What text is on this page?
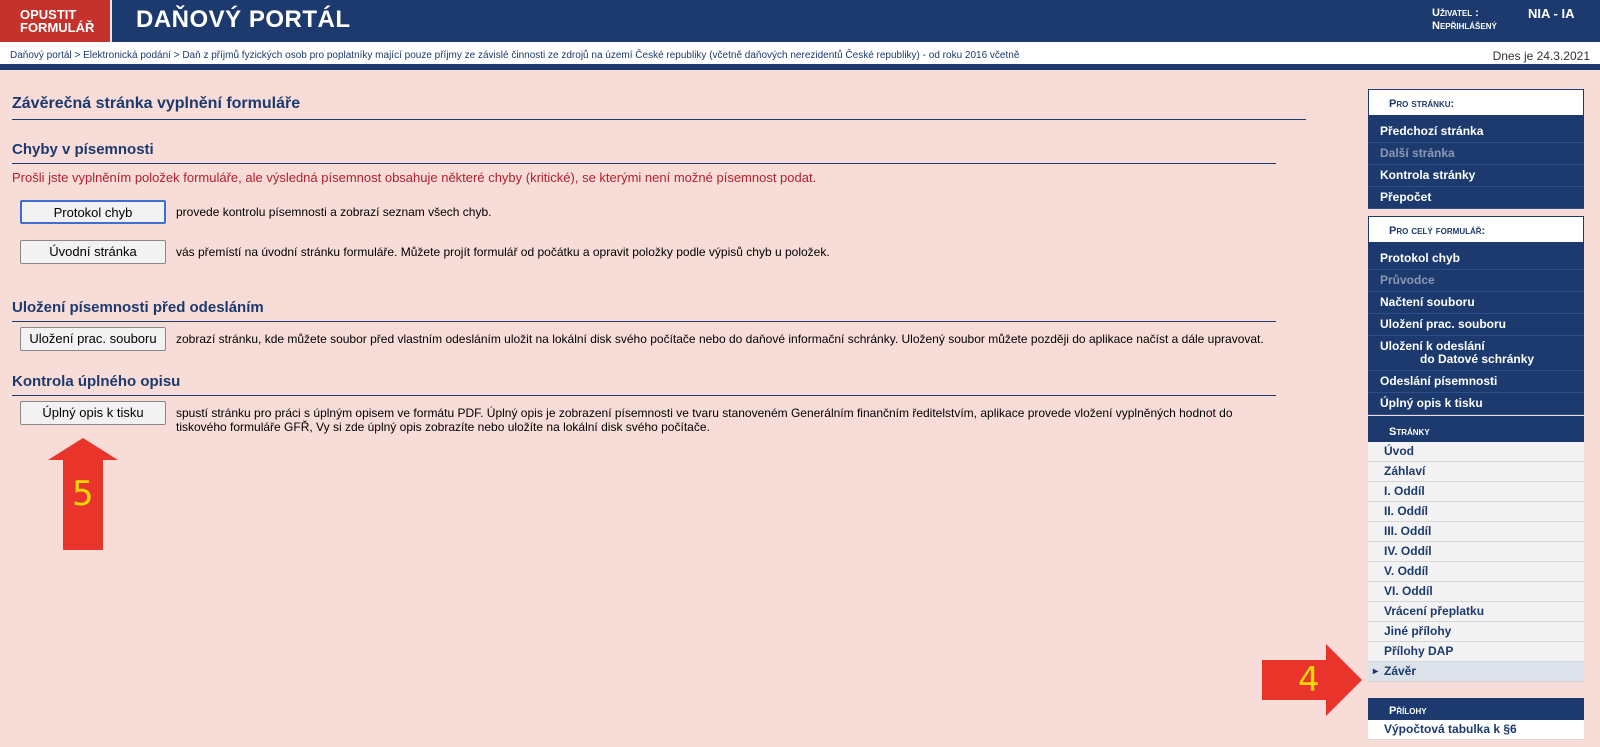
OPUSTIT
FORMULÁŘ	DAŇOVÝ PORTÁL	Uživatel :
Nepřihlášený
NIA - IA
Daňový portál > Elektronická podání > Daň z příjmů fyzických osob pro poplatníky mající pouze příjmy ze závislé činnosti ze zdrojů na území České republiky (včetně daňových nerezidentů České republiky) - od roku 2016 včetně	Dnes je 24.3.2021
Závěrečná stránka vyplnění formuláře
Chyby v písemnosti
Prošli jste vyplněním položek formuláře, ale výsledná písemnost obsahuje některé chyby (kritické), se kterými není možné písemnost podat.
Protokol chyb	provede kontrolu písemnosti a zobrazí seznam všech chyb.
Úvodní stránka	vás přemístí na úvodní stránku formuláře. Můžete projít formulář od počátku a opravit položky podle výpisů chyb u položek.
Uložení písemnosti před odesláním
Uložení prac. souboru	zobrazí stránku, kde můžete soubor před vlastním odesláním uložit na lokální disk svého počítače nebo do daňové informační schránky. Uložený soubor můžete později do aplikace načíst a dále upravovat.
Kontrola úplného opisu
Úplný opis k tisku	spustí stránku pro práci s úplným opisem ve formátu PDF. Úplný opis je zobrazení písemnosti ve tvaru stanoveném Generálním finančním ředitelstvím, aplikace provede vložení vyplněných hodnot do tiskového formuláře GFŘ, Vy si zde úplný opis zobrazíte nebo uložíte na lokální disk svého počítače.
5
Pro stránku:
Předchozí stránka
Další stránka
Kontrola stránky
Přepočet
Pro celý formulář:
Protokol chyb
Průvodce
Načtení souboru
Uložení prac. souboru
Uložení k odeslání
do Datové schránky
Odeslání písemnosti
Úplný opis k tisku
Stránky
Úvod
Záhlaví
I. Oddíl
II. Oddíl
III. Oddíl
IV. Oddíl
V. Oddíl
VI. Oddíl
Vrácení přeplatku
Jiné přílohy
Přílohy DAP
▸ Závěr
Přílohy
Výpočtová tabulka k §6
4
